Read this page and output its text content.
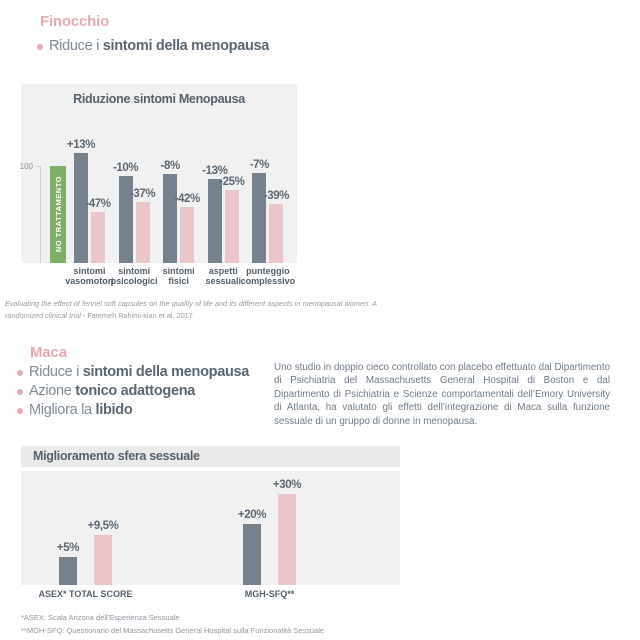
Finocchio
Riduce i sintomi della menopausa
Riduzione sintomi Menopausa
100
NO TRATTAMENTO
+13%
-47%
-10%
-37%
-8%
-42%
-13%
-25%
-7%
-39%
sintomi
vasomotori
sintomi
psicologici
sintomi
fisici
aspetti
sessuali
punteggio
complessivo
Evaluating the effect of fennel soft capsules on the quality of life and its different aspects in menopausal women: A randomized clinical trial - Fatemeh Rahimi-kian et al. 2017
Maca
Riduce i sintomi della menopausa
Azione tonico adattogena
Migliora la libido
Uno studio in doppio cieco controllato con placebo effettuato dal Dipartimento di Psichiatria del Massachusetts General Hospital di Boston e dal Dipartimento di Psichiatria e Scienze comportamentali dell’Emory University di Atlanta, ha valutato gli effetti dell’integrazione di Maca sulla funzione sessuale di un gruppo di donne in menopausa.
Miglioramento sfera sessuale
+5%
+9,5%
+20%
+30%
ASEX* TOTAL SCORE	MGH-SFQ**
*ASEX: Scala Arizona dell'Esperienza Sessuale
**MGH-SFQ: Questionario del Massachusetts General Hospital sulla Funzionalità Sessuale
